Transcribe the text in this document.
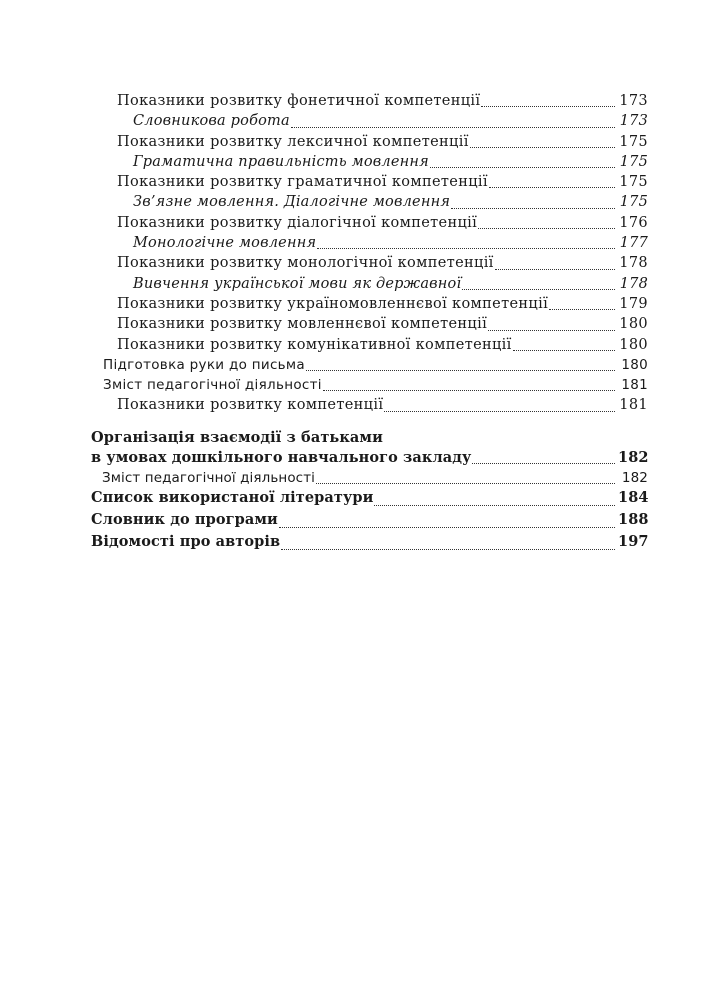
Показники розвитку фонетичної компетенції	173
Словникова робота	173
Показники розвитку лексичної компетенції	175
Граматична правильність мовлення	175
Показники розвитку граматичної компетенції	175
Зв’язне мовлення. Діалогічне мовлення	175
Показники розвитку діалогічної компетенції	176
Монологічне мовлення	177
Показники розвитку монологічної компетенції	178
Вивчення української мови як державної	178
Показники розвитку україномовленнєвої компетенції	179
Показники розвитку мовленнєвої компетенції	180
Показники розвитку комунікативної компетенції	180
Підготовка руки до письма	180
Зміст педагогічної діяльності	181
Показники розвитку компетенції	181
Організація взаємодії з батьками
в умовах дошкільного навчального закладу	182
Зміст педагогічної діяльності	182
Список використаної літератури	184
Словник до програми	188
Відомості про авторів	197
